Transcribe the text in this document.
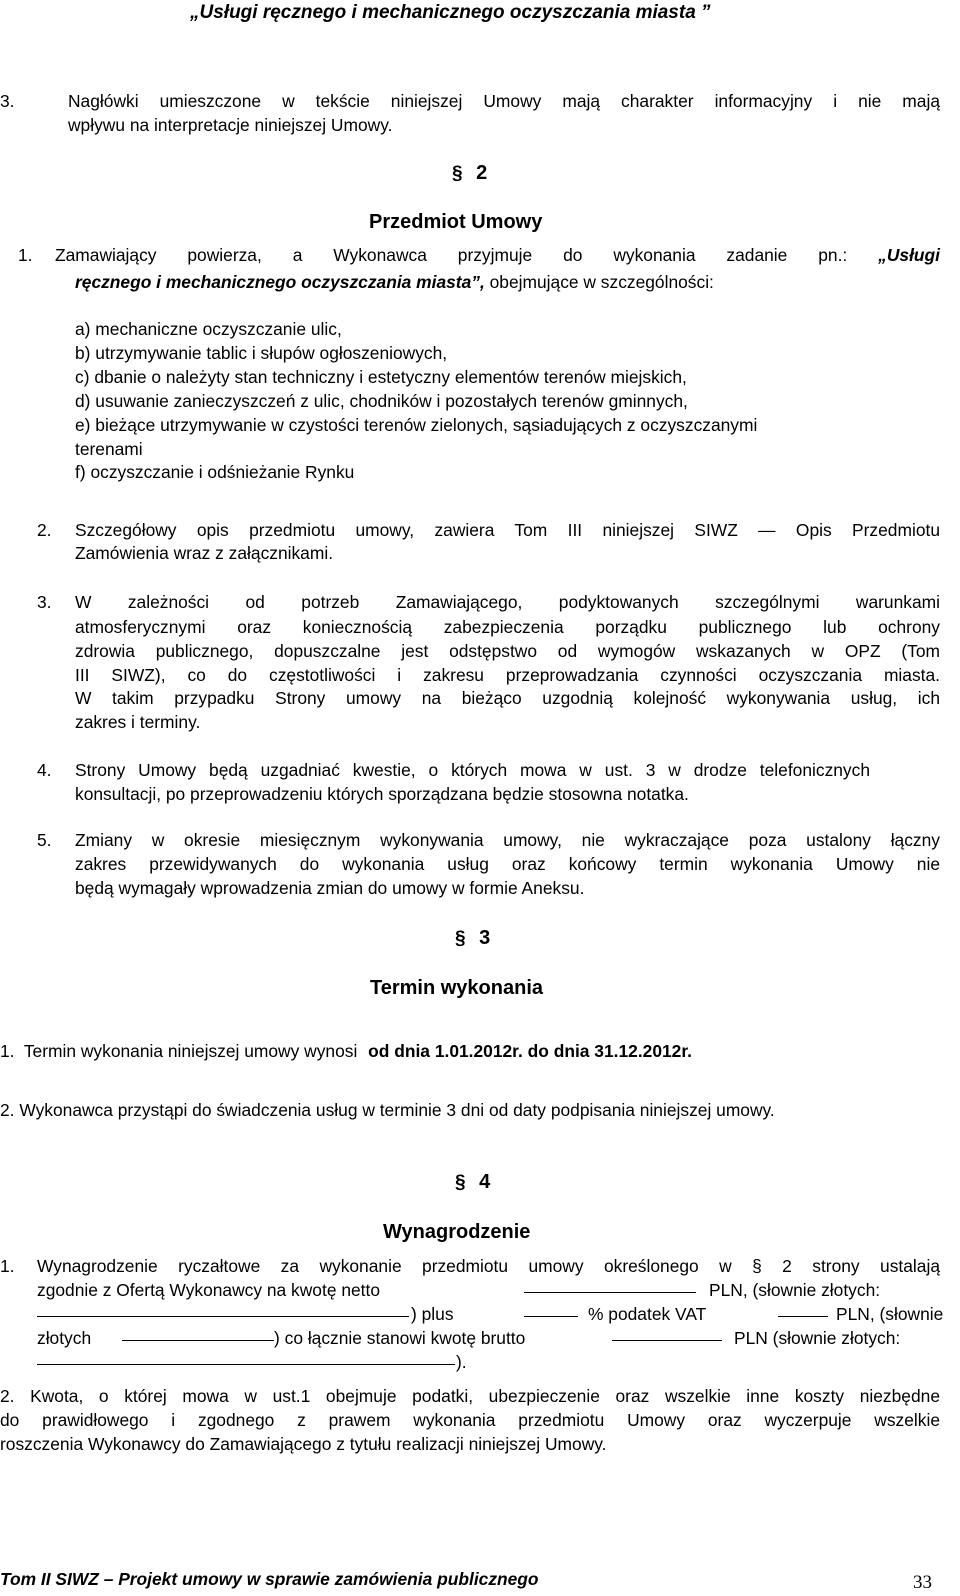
„Usługi ręcznego i mechanicznego oczyszczania miasta ”
3.	Nagłówki umieszczone w tekście niniejszej Umowy mają charakter informacyjny i nie mają
wpływu na interpretacje niniejszej Umowy.
§ 2
Przedmiot Umowy
1. Zamawiający powierza, a Wykonawca przyjmuje do wykonania zadanie pn.: „Usługi
ręcznego i mechanicznego oczyszczania miasta”, obejmujące w szczególności:
a) mechaniczne oczyszczanie ulic,
b) utrzymywanie tablic i słupów ogłoszeniowych,
c) dbanie o należyty stan techniczny i estetyczny elementów terenów miejskich,
d) usuwanie zanieczyszczeń z ulic, chodników i pozostałych terenów gminnych,
e) bieżące utrzymywanie w czystości terenów zielonych, sąsiadujących z oczyszczanymi
terenami
f) oczyszczanie i odśnieżanie Rynku
2. Szczegółowy opis przedmiotu umowy, zawiera Tom III niniejszej SIWZ — Opis Przedmiotu
Zamówienia wraz z załącznikami.
3. W zależności od potrzeb Zamawiającego, podyktowanych szczególnymi warunkami
atmosferycznymi oraz koniecznością zabezpieczenia porządku publicznego lub ochrony
zdrowia publicznego, dopuszczalne jest odstępstwo od wymogów wskazanych w OPZ (Tom
III SIWZ), co do częstotliwości i zakresu przeprowadzania czynności oczyszczania miasta.
W takim przypadku Strony umowy na bieżąco uzgodnią kolejność wykonywania usług, ich
zakres i terminy.
4. Strony Umowy będą uzgadniać kwestie, o których mowa w ust. 3 w drodze telefonicznych
konsultacji, po przeprowadzeniu których sporządzana będzie stosowna notatka.
5. Zmiany w okresie miesięcznym wykonywania umowy, nie wykraczające poza ustalony łączny
zakres przewidywanych do wykonania usług oraz końcowy termin wykonania Umowy nie
będą wymagały wprowadzenia zmian do umowy w formie Aneksu.
§ 3
Termin wykonania
1.  Termin wykonania niniejszej umowy wynosi od dnia 1.01.2012r. do dnia 31.12.2012r.
2. Wykonawca przystąpi do świadczenia usług w terminie 3 dni od daty podpisania niniejszej umowy.
§ 4
Wynagrodzenie
1. Wynagrodzenie ryczałtowe za wykonanie przedmiotu umowy określonego w § 2 strony ustalają
zgodnie z Ofertą Wykonawcy na kwotę netto	PLN, (słownie złotych:
) plus	% podatek VAT	PLN, (słownie
złotych	) co łącznie stanowi kwotę brutto	PLN (słownie złotych:
).
2. Kwota, o której mowa w ust.1 obejmuje podatki, ubezpieczenie oraz wszelkie inne koszty niezbędne
do prawidłowego i zgodnego z prawem wykonania przedmiotu Umowy oraz wyczerpuje wszelkie
roszczenia Wykonawcy do Zamawiającego z tytułu realizacji niniejszej Umowy.
Tom II SIWZ – Projekt umowy w sprawie zamówienia publicznego	33
